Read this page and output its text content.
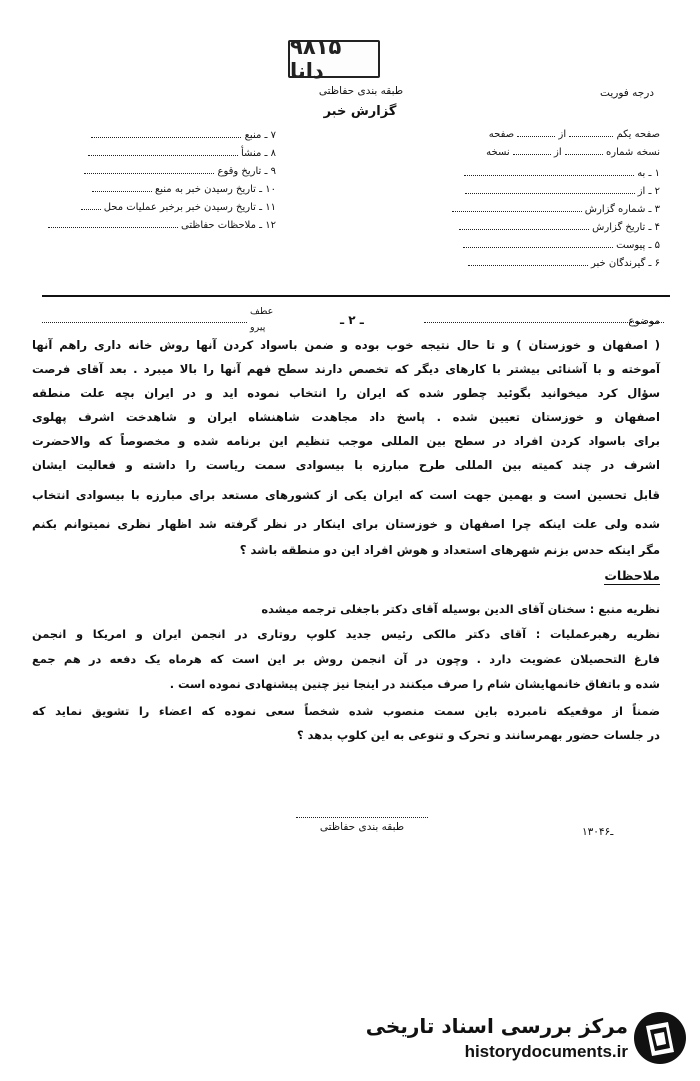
۹۸۱۵ دانا
طبقه بندی حفاظتی
گزارش خبر
درجه فوریت
صفحه یکم  از  صفحه
نسخه شماره  از  نسخه
۱ ـ به
۲ ـ از
۳ ـ شماره گزارش
۴ ـ تاریخ گزارش
۵ ـ پیوست
۶ ـ گیرندگان خبر
۷ ـ منبع
۸ ـ منشأ
۹ ـ تاریخ وقوع
۱۰ ـ تاریخ رسیدن خبر به منبع
۱۱ ـ تاریخ رسیدن خبر برخبر عملیات محل
۱۲ ـ ملاحظات حفاظتی
موضوع
ـ ۲ ـ
عطف
پیرو
( اصفهان و خوزستان ) و تا حال نتیجه خوب بوده و ضمن باسواد کردن آنها روش خانه داری راهم آنها
آموخته و با آشنائی بیشتر با کارهای دیگر که تخصص دارند سطح فهم آنها را بالا میبرد . بعد آقای فرصت
سؤال کرد میخوانید بگوئید چطور شده که ایران را انتخاب نموده اید و در ایران بچه علت منطقه
اصفهان و خوزستان تعیین شده . پاسخ داد مجاهدت شاهنشاه ایران و شاهدخت اشرف پهلوی
برای باسواد کردن افراد در سطح بین المللی موجب تنظیم این برنامه شده و مخصوصاً که والاحضرت
اشرف در چند کمیته بین المللی طرح مبارزه با بیسوادی سمت ریاست را داشته و فعالیت ایشان
قابل تحسین است و بهمین جهت است که ایران یکی از کشورهای مستعد برای مبارزه با بیسوادی انتخاب
شده ولی علت اینکه چرا اصفهان و خوزستان برای اینکار در نظر گرفته شد اظهار نظری نمیتوانم بکنم
مگر اینکه حدس بزنم شهرهای استعداد و هوش افراد این دو منطقه باشد ؟
ملاحظات
نظریه منبع : سخنان آقای الدین بوسیله آقای دکتر باجغلی ترجمه میشده
نظریه رهبرعملیات : آقای دکتر مالکی رئیس جدید کلوپ روتاری در انجمن ایران و امریکا و انجمن
فارغ التحصیلان عضویت دارد . وچون در آن انجمن روش بر این است که هرماه یک دفعه در هم جمع
شده و باتفاق خانمهایشان شام را صرف میکنند در اینجا نیز چنین پیشنهادی نموده است .
ضمناً از موقعیکه نامبرده باین سمت منصوب شده شخصاً سعی نموده که اعضاء را تشویق نماید که
در جلسات حضور بهمرسانند و تحرک و تنوعی به این کلوپ بدهد ؟
طبقه بندی حفاظتی	۱۳۰ـ۴۶
مرکز بررسی اسناد تاریخی
historydocuments.ir
